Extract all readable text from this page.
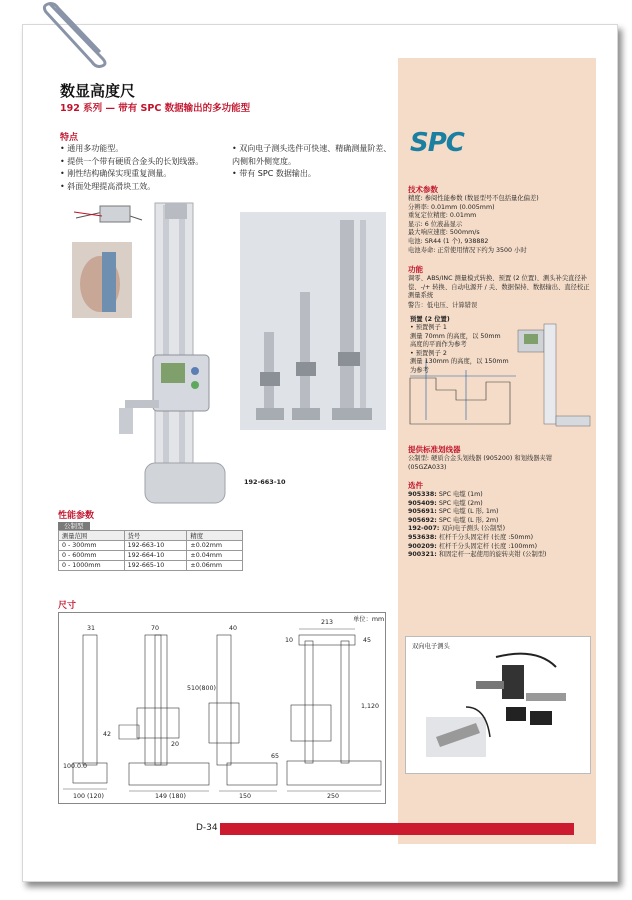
数显高度尺
192 系列 — 带有 SPC 数据输出的多功能型
特点
• 通用多功能型。
• 提供一个带有硬质合金头的长划线器。
• 刚性结构确保实现重复测量。
• 斜面处理提高滑块工效。
• 双向电子测头选件可快速、精确测量阶差、内侧和外侧宽度。
• 带有 SPC 数据输出。
192-663-10
性能参数
公制型
测量范围	货号	精度
0 - 300mm	192-663-10	±0.02mm
0 - 600mm	192-664-10	±0.04mm
0 - 1000mm	192-665-10	±0.06mm
尺寸
单位：mm
31	70	40
213
10	45
510(800)
1,120
100.0.0
100 (120)	149 (180)	150	250
42
20
65
SPC
技术参数
精度: 参阅性能参数 (数显型号不包括量化偏差)
分辨率: 0.01mm (0.005mm)
重复定位精度: 0.01mm
显示: 6 位液晶显示
最大响应速度: 500mm/s
电池: SR44 (1 个), 938882
电池寿命: 正常使用情况下约为 3500 小时
功能
调零、ABS/INC 测量模式转换、预置 (2 位置)、测头补尖直径补偿、-/+ 转换、自动电源开 / 关、数据保持、数据输出、直径校正测量系统
警告：低电压、计算错误
预置 (2 位置)
• 预置例子 1
测量 70mm 的高度，以 50mm
高度的平面作为参考
• 预置例子 2
测量 130mm 的高度，以 150mm
为参考
提供标准划线器
公制型: 硬质合金头划线器 (905200) 和划线器夹钳 (05GZA033)
选件
905338: SPC 电缆 (1m)
905409: SPC 电缆 (2m)
905691: SPC 电缆 (L 形, 1m)
905692: SPC 电缆 (L 形, 2m)
192-007: 双向电子测头 (公制型)
953638: 杠杆千分头固定杆 (长度 :50mm)
900209: 杠杆千分头固定杆 (长度 :100mm)
900321: 和固定杆一起使用的旋转夹钳 (公制型)
双向电子测头
D-34
